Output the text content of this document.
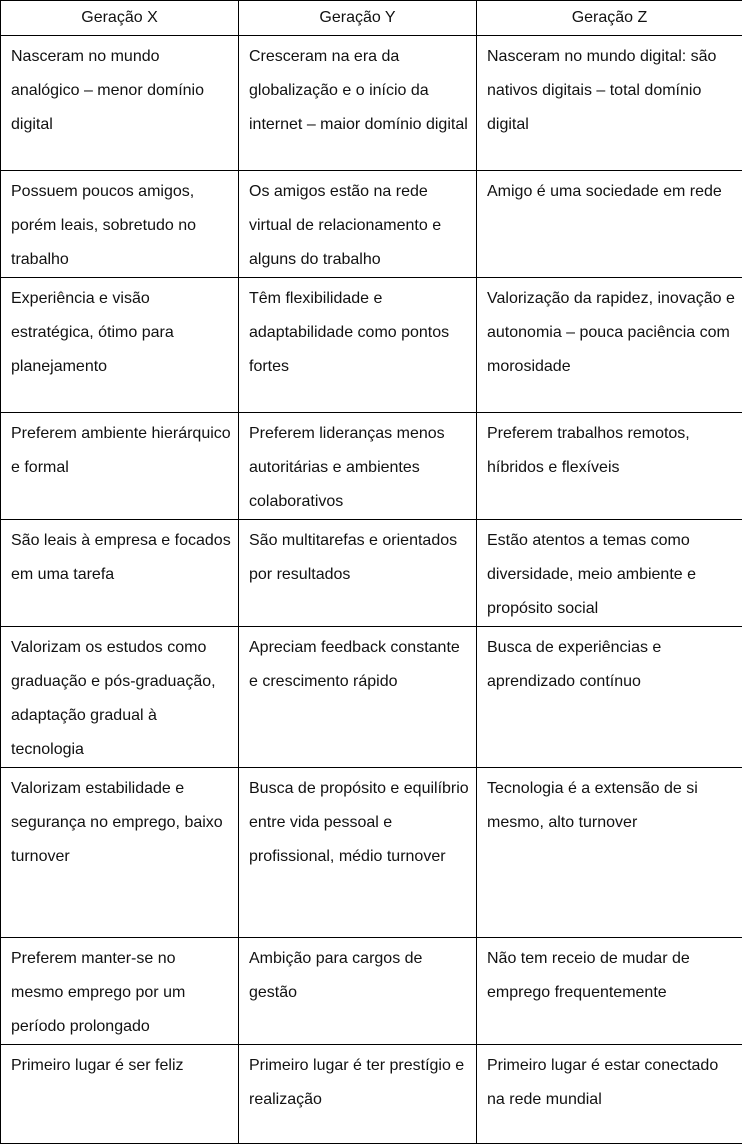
Geração X	Geração Y	Geração Z
Nasceram no mundo analógico – menor domínio digital	Cresceram na era da globalização e o início da internet – maior domínio digital	Nasceram no mundo digital: são nativos digitais – total domínio digital
Possuem poucos amigos, porém leais, sobretudo no trabalho	Os amigos estão na rede virtual de relacionamento e alguns do trabalho	Amigo é uma sociedade em rede
Experiência e visão estratégica, ótimo para planejamento	Têm flexibilidade e adaptabilidade como pontos fortes	Valorização da rapidez, inovação e autonomia – pouca paciência com morosidade
Preferem ambiente hierárquico e formal	Preferem lideranças menos autoritárias e ambientes colaborativos	Preferem trabalhos remotos, híbridos e flexíveis
São leais à empresa e focados em uma tarefa	São multitarefas e orientados por resultados	Estão atentos a temas como diversidade, meio ambiente e propósito social
Valorizam os estudos como graduação e pós-graduação, adaptação gradual à tecnologia	Apreciam feedback constante e crescimento rápido	Busca de experiências e aprendizado contínuo
Valorizam estabilidade e segurança no emprego, baixo turnover	Busca de propósito e equilíbrio entre vida pessoal e profissional, médio turnover	Tecnologia é a extensão de si mesmo, alto turnover
Preferem manter-se no mesmo emprego por um período prolongado	Ambição para cargos de gestão	Não tem receio de mudar de emprego frequentemente
Primeiro lugar é ser feliz	Primeiro lugar é ter prestígio e realização	Primeiro lugar é estar conectado na rede mundial
